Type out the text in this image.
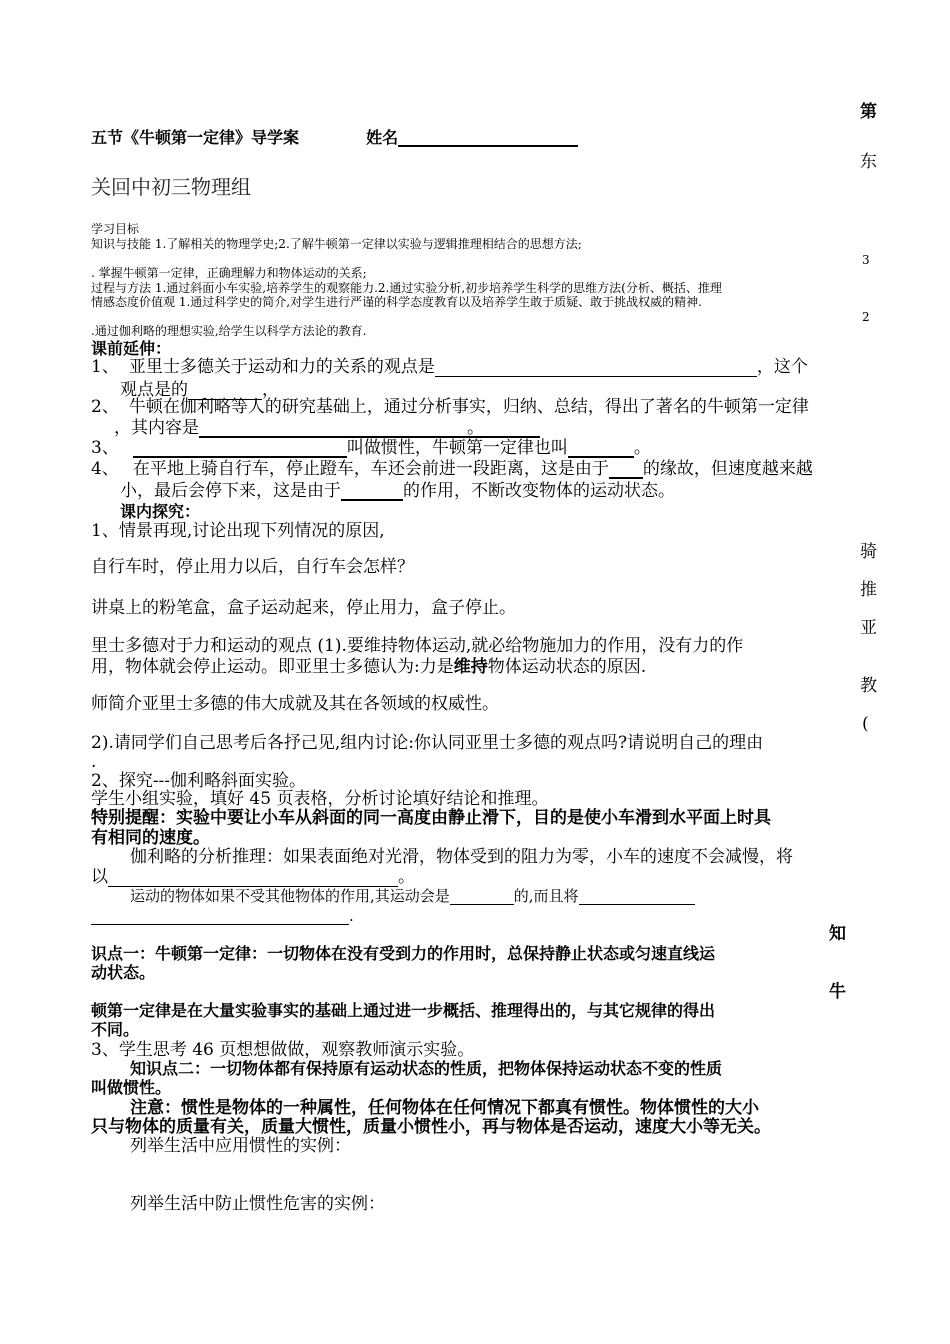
第
东
3
2
骑
推
亚
教
(
知
牛
五节《牛顿第一定律》导学案	姓名
关回中初三物理组
学习目标
知识与技能 1.了解相关的物理学史;2.了解牛顿第一定律以实验与逻辑推理相结合的思想方法;
. 掌握牛顿第一定律，正确理解力和物体运动的关系;
过程与方法 1.通过斜面小车实验,培养学生的观察能力.2.通过实验分析,初步培养学生科学的思维方法(分析、概括、推理
情感态度价值观 1.通过科学史的简介,对学生进行严谨的科学态度教育以及培养学生敢于质疑、敢于挑战权威的精神.
.通过伽利略的理想实验,给学生以科学方法论的教育.
课前延伸：
1、 亚里士多德关于运动和力的关系的观点是	，这个
观点是的	，
2、 牛顿在伽利略等人的研究基础上，通过分析事实，归纳、总结，得出了著名的牛顿第一定律
，其内容是	。
3、	叫做惯性，牛顿第一定律也叫	。
4、 在平地上骑自行车，停止蹬车，车还会前进一段距离，这是由于 的缘故，但速度越来越
小，最后会停下来，这是由于	的作用，不断改变物体的运动状态。
课内探究：
1、情景再现,讨论出现下列情况的原因,
自行车时，停止用力以后，自行车会怎样？
讲桌上的粉笔盒，盒子运动起来，停止用力，盒子停止。
里士多德对于力和运动的观点 (1).要维持物体运动,就必给物施加力的作用，没有力的作
用，物体就会停止运动。即亚里士多德认为:力是维持物体运动状态的原因.
师简介亚里士多德的伟大成就及其在各领域的权威性。
2).请同学们自己思考后各抒己见,组内讨论:你认同亚里士多德的观点吗?请说明自己的理由
.
2、探究---伽利略斜面实验。
学生小组实验，填好 45 页表格，分析讨论填好结论和推理。
特别提醒：实验中要让小车从斜面的同一高度由静止滑下，目的是使小车滑到水平面上时具
有相同的速度。
伽利略的分析推理：如果表面绝对光滑，物体受到的阻力为零，小车的速度不会减慢，将
以	。
运动的物体如果不受其他物体的作用,其运动会是	的,而且将
.
识点一：牛顿第一定律：一切物体在没有受到力的作用时，总保持静止状态或匀速直线运
动状态。
顿第一定律是在大量实验事实的基础上通过进一步概括、推理得出的，与其它规律的得出
不同。
3、学生思考 46 页想想做做，观察教师演示实验。
知识点二：一切物体都有保持原有运动状态的性质，把物体保持运动状态不变的性质
叫做惯性。
注意：惯性是物体的一种属性，任何物体在任何情况下都真有惯性。物体惯性的大小
只与物体的质量有关，质量大惯性，质量小惯性小，再与物体是否运动，速度大小等无关。
列举生活中应用惯性的实例：
列举生活中防止惯性危害的实例：
